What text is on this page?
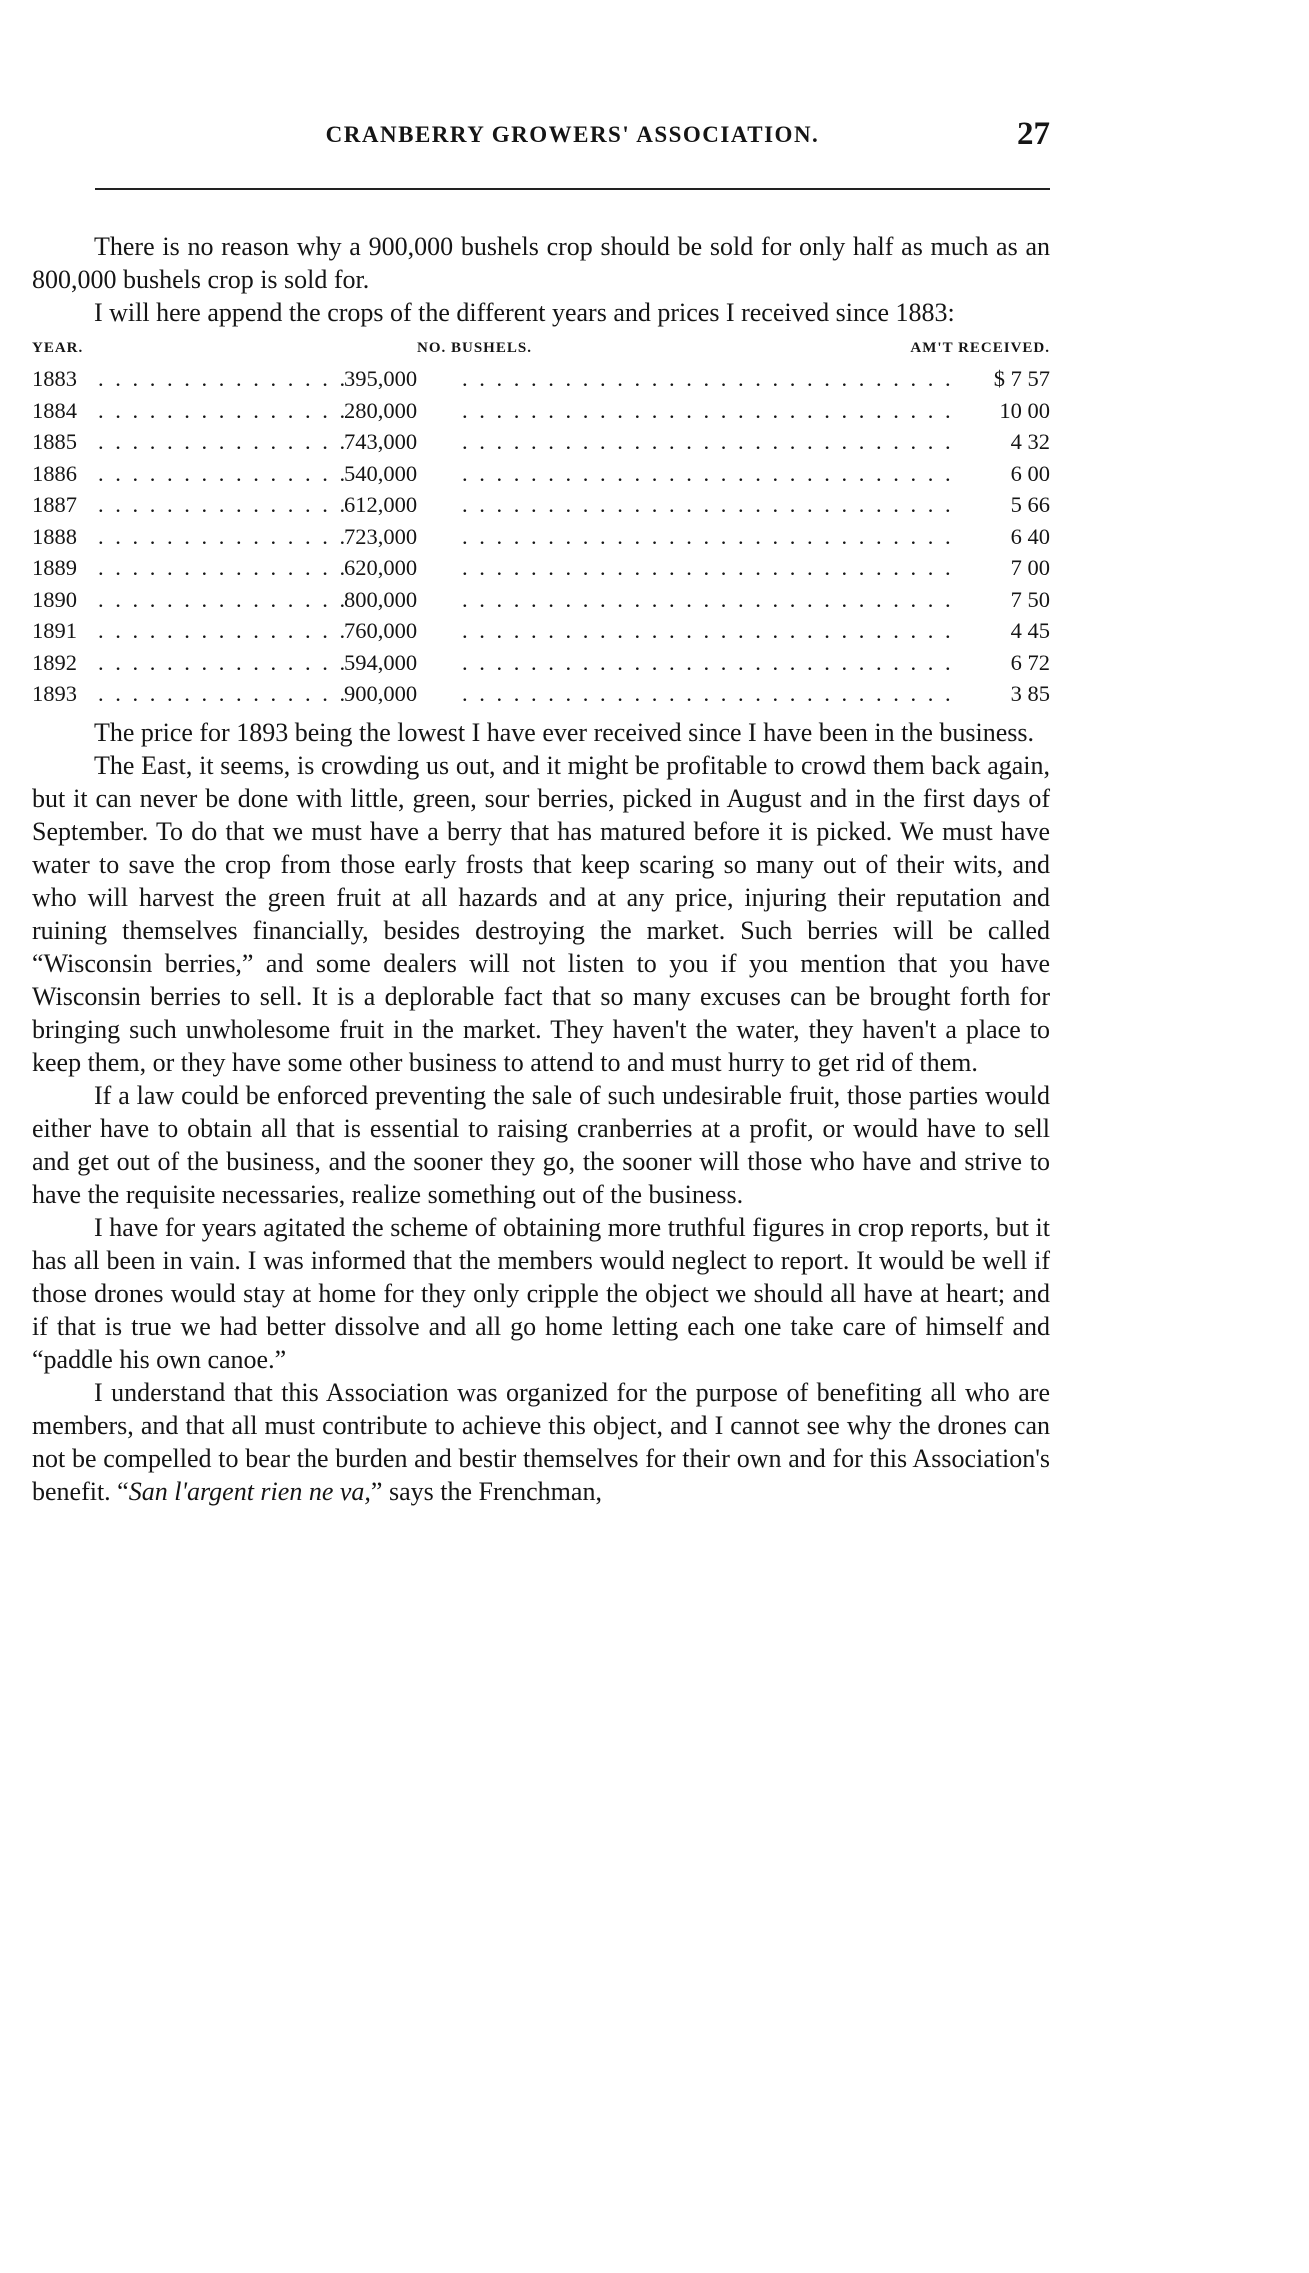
CRANBERRY GROWERS' ASSOCIATION.	27

There is no reason why a 900,000 bushels crop should be sold for only half as much as an 800,000 bushels crop is sold for.

I will here append the crops of the different years and prices I received since 1883:

YEAR.	NO. BUSHELS.	AM'T RECEIVED.
1883 . . .	395,000 . . .	$ 7 57
1884 . . .	280,000 . . .	10 00
1885 . . .	743,000 . . .	4 32
1886 . . .	540,000 . . .	6 00
1887 . . .	612,000 . . .	5 66
1888 . . .	723,000 . . .	6 40
1889 . . .	620,000 . . .	7 00
1890 . . .	800,000 . . .	7 50
1891 . . .	760,000 . . .	4 45
1892 . . .	594,000 . . .	6 72
1893 . . .	900,000 . . .	3 85

The price for 1893 being the lowest I have ever received since I have been in the business.

The East, it seems, is crowding us out, and it might be profitable to crowd them back again, but it can never be done with little, green, sour berries, picked in August and in the first days of September. To do that we must have a berry that has matured before it is picked. We must have water to save the crop from those early frosts that keep scaring so many out of their wits, and who will harvest the green fruit at all hazards and at any price, injuring their reputation and ruining themselves financially, besides destroying the market. Such berries will be called “Wisconsin berries,” and some dealers will not listen to you if you mention that you have Wisconsin berries to sell. It is a deplorable fact that so many excuses can be brought forth for bringing such unwholesome fruit in the market. They haven't the water, they haven't a place to keep them, or they have some other business to attend to and must hurry to get rid of them.

If a law could be enforced preventing the sale of such undesirable fruit, those parties would either have to obtain all that is essential to raising cranberries at a profit, or would have to sell and get out of the business, and the sooner they go, the sooner will those who have and strive to have the requisite necessaries, realize something out of the business.

I have for years agitated the scheme of obtaining more truthful figures in crop reports, but it has all been in vain. I was informed that the members would neglect to report. It would be well if those drones would stay at home for they only cripple the object we should all have at heart; and if that is true we had better dissolve and all go home letting each one take care of himself and “paddle his own canoe.”

I understand that this Association was organized for the purpose of benefiting all who are members, and that all must contribute to achieve this object, and I cannot see why the drones can not be compelled to bear the burden and bestir themselves for their own and for this Association's benefit. “San l'argent rien ne va,” says the Frenchman,
